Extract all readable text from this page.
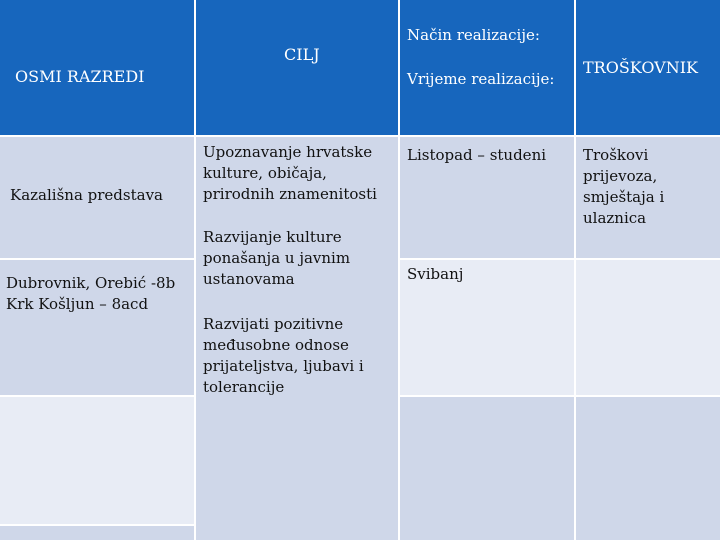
OSMI RAZREDI
CILJ
Način realizacije:
Vrijeme realizacije:
TROŠKOVNIK
Kazališna predstava
Dubrovnik, Orebić -8b
Krk Košljun – 8acd
Upoznavanje hrvatske
kulture, običaja,
prirodnih znamenitosti
Razvijanje kulture
ponašanja u javnim
ustanovama
Razvijati pozitivne
međusobne odnose
prijateljstva, ljubavi i
tolerancije
Listopad – studeni
Svibanj
Troškovi
prijevoza,
smještaja i
ulaznica
